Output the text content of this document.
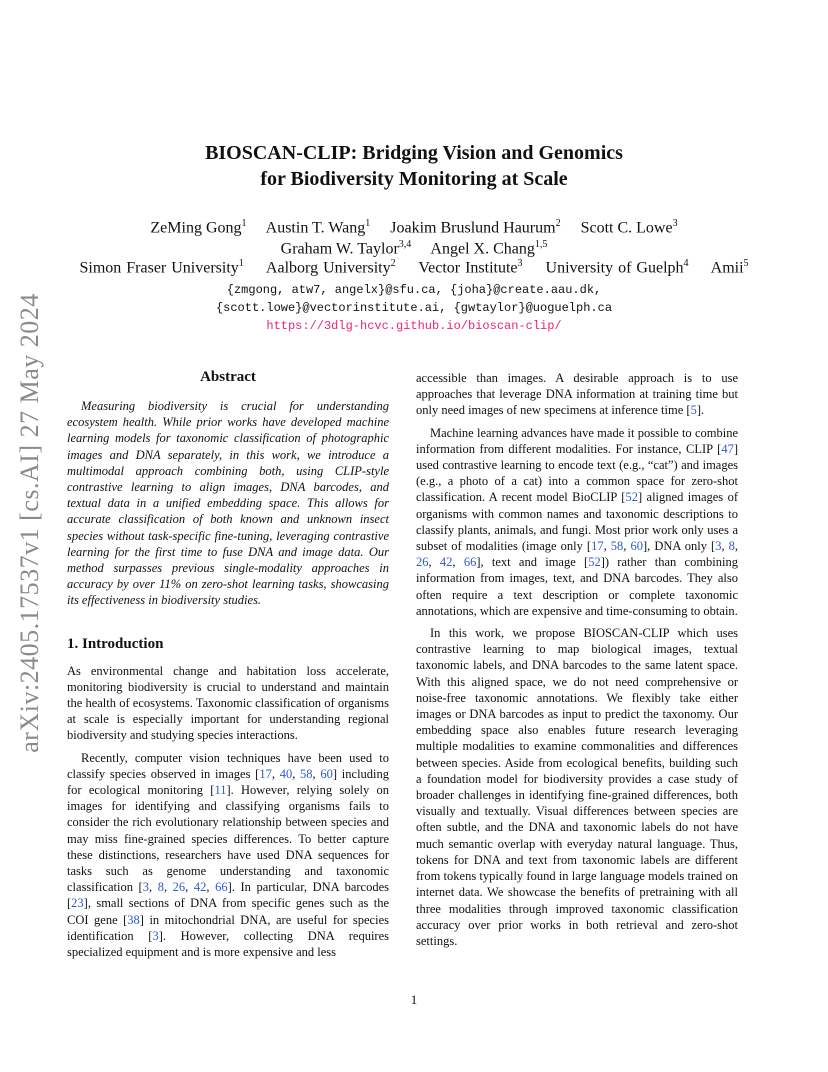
arXiv:2405.17537v1 [cs.AI] 27 May 2024
BIOSCAN-CLIP: Bridging Vision and Genomics
for Biodiversity Monitoring at Scale
ZeMing Gong$^1$ Austin T. Wang$^1$ Joakim Bruslund Haurum$^2$ Scott C. Lowe$^3$
Graham W. Taylor$^{3,4}$ Angel X. Chang$^{1,5}$
Simon Fraser University$^1$ Aalborg University$^2$ Vector Institute$^3$ University of Guelph$^4$ Amii$^5$
{zmgong, atw7, angelx}@sfu.ca, {joha}@create.aau.dk,
{scott.lowe}@vectorinstitute.ai, {gwtaylor}@uoguelph.ca
https://3dlg-hcvc.github.io/bioscan-clip/
Abstract

Measuring biodiversity is crucial for understanding ecosystem health. While prior works have developed machine learning models for taxonomic classification of photographic images and DNA separately, in this work, we introduce a multimodal approach combining both, using CLIP-style contrastive learning to align images, DNA barcodes, and textual data in a unified embedding space. This allows for accurate classification of both known and unknown insect species without task-specific fine-tuning, leveraging contrastive learning for the first time to fuse DNA and image data. Our method surpasses previous single-modality approaches in accuracy by over 11% on zero-shot learning tasks, showcasing its effectiveness in biodiversity studies.

1. Introduction

As environmental change and habitation loss accelerate, monitoring biodiversity is crucial to understand and maintain the health of ecosystems. Taxonomic classification of organisms at scale is especially important for understanding regional biodiversity and studying species interactions.

Recently, computer vision techniques have been used to classify species observed in images [17, 40, 58, 60] including for ecological monitoring [11]. However, relying solely on images for identifying and classifying organisms fails to consider the rich evolutionary relationship between species and may miss fine-grained species differences. To better capture these distinctions, researchers have used DNA sequences for tasks such as genome understanding and taxonomic classification [3, 8, 26, 42, 66]. In particular, DNA barcodes [23], small sections of DNA from specific genes such as the COI gene [38] in mitochondrial DNA, are useful for species identification [3]. However, collecting DNA requires specialized equipment and is more expensive and less

accessible than images. A desirable approach is to use approaches that leverage DNA information at training time but only need images of new specimens at inference time [5].

Machine learning advances have made it possible to combine information from different modalities. For instance, CLIP [47] used contrastive learning to encode text (e.g., “cat”) and images (e.g., a photo of a cat) into a common space for zero-shot classification. A recent model BioCLIP [52] aligned images of organisms with common names and taxonomic descriptions to classify plants, animals, and fungi. Most prior work only uses a subset of modalities (image only [17, 58, 60], DNA only [3, 8, 26, 42, 66], text and image [52]) rather than combining information from images, text, and DNA barcodes. They also often require a text description or complete taxonomic annotations, which are expensive and time-consuming to obtain.

In this work, we propose BIOSCAN-CLIP which uses contrastive learning to map biological images, textual taxonomic labels, and DNA barcodes to the same latent space. With this aligned space, we do not need comprehensive or noise-free taxonomic annotations. We flexibly take either images or DNA barcodes as input to predict the taxonomy. Our embedding space also enables future research leveraging multiple modalities to examine commonalities and differences between species. Aside from ecological benefits, building such a foundation model for biodiversity provides a case study of broader challenges in identifying fine-grained differences, both visually and textually. Visual differences between species are often subtle, and the DNA and taxonomic labels do not have much semantic overlap with everyday natural language. Thus, tokens for DNA and text from taxonomic labels are different from tokens typically found in large language models trained on internet data. We showcase the benefits of pretraining with all three modalities through improved taxonomic classification accuracy over prior works in both retrieval and zero-shot settings.

1
